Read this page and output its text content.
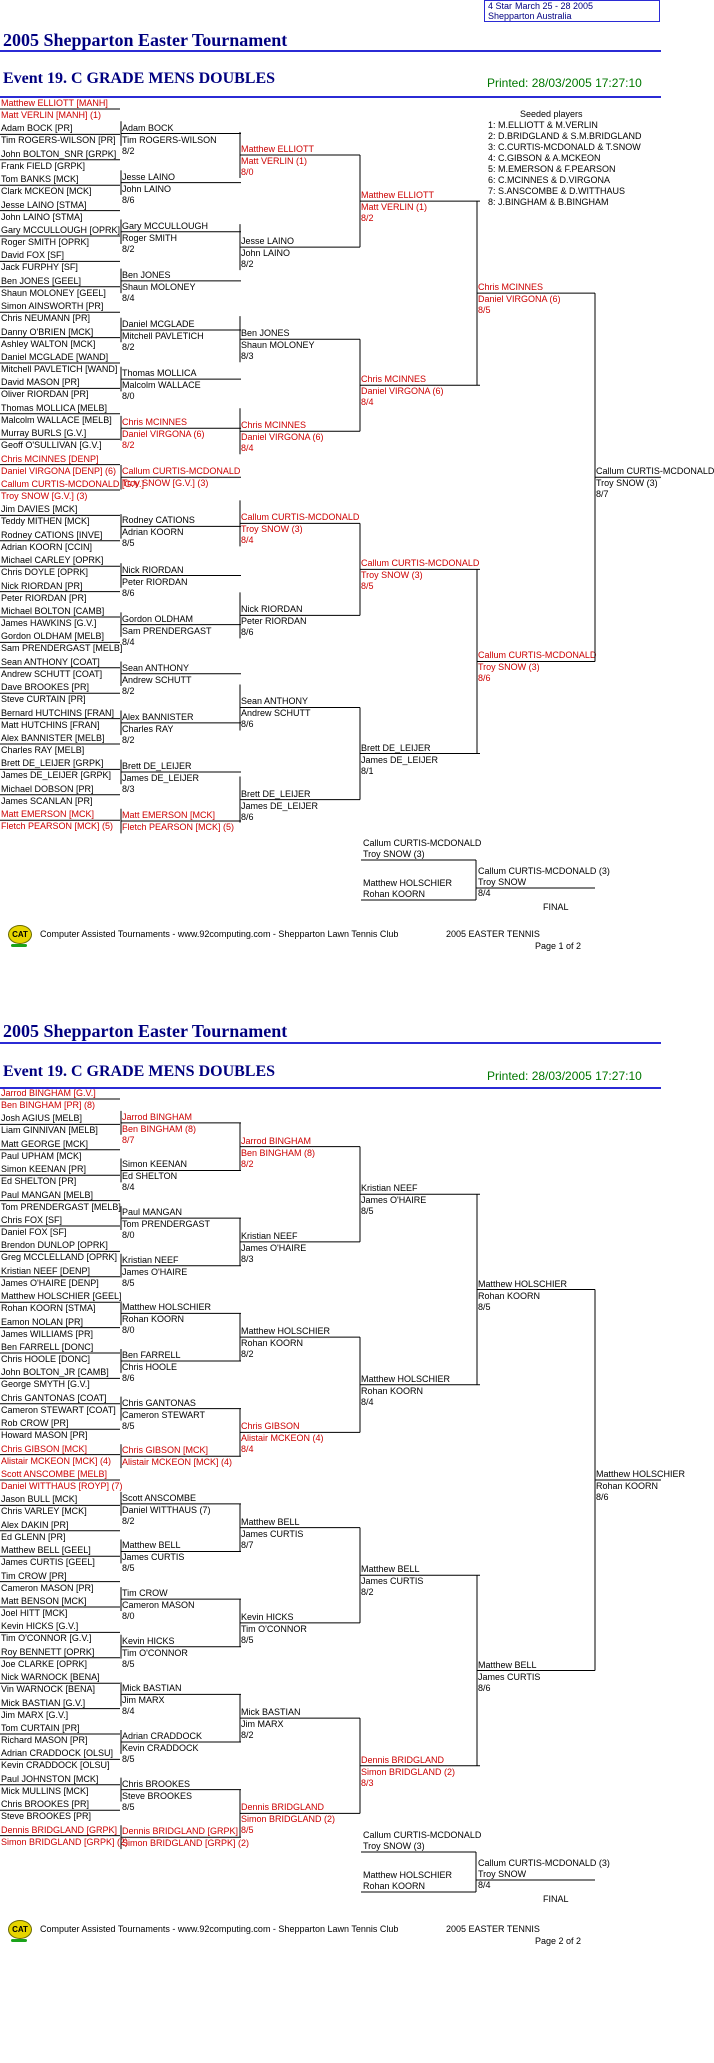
4 Star March 25 - 28 2005
Shepparton Australia
2005 Shepparton Easter Tournament
Event 19. C GRADE MENS DOUBLES	Printed: 28/03/2005 17:27:10
Seeded players
1: M.ELLIOTT & M.VERLIN
2: D.BRIDGLAND & S.M.BRIDGLAND
3: C.CURTIS-MCDONALD & T.SNOW
4: C.GIBSON & A.MCKEON
5: M.EMERSON & F.PEARSON
6: C.MCINNES & D.VIRGONA
7: S.ANSCOMBE & D.WITTHAUS
8: J.BINGHAM & B.BINGHAM
2005 Shepparton Easter Tournament
Event 19. C GRADE MENS DOUBLES	Printed: 28/03/2005 17:27:10
Matthew ELLIOTT [MANH]
Matt VERLIN [MANH] (1)
Adam BOCK [PR]
Tim ROGERS-WILSON [PR]
John BOLTON_SNR [GRPK]
Frank FIELD [GRPK]
Tom BANKS [MCK]
Clark MCKEON [MCK]
Jesse LAINO [STMA]
John LAINO [STMA]
Gary MCCULLOUGH [OPRK]
Roger SMITH [OPRK]
David FOX [SF]
Jack FURPHY [SF]
Ben JONES [GEEL]
Shaun MOLONEY [GEEL]
Simon AINSWORTH [PR]
Chris NEUMANN [PR]
Danny O'BRIEN [MCK]
Ashley WALTON [MCK]
Daniel MCGLADE [WAND]
Mitchell PAVLETICH [WAND]
David MASON [PR]
Oliver RIORDAN [PR]
Thomas MOLLICA [MELB]
Malcolm WALLACE [MELB]
Murray BURLS [G.V.]
Geoff O'SULLIVAN [G.V.]
Chris MCINNES [DENP]
Daniel VIRGONA [DENP] (6)
Callum CURTIS-MCDONALD [G.V.]
Troy SNOW [G.V.] (3)
Jim DAVIES [MCK]
Teddy MITHEN [MCK]
Rodney CATIONS [INVE]
Adrian KOORN [CCIN]
Michael CARLEY [OPRK]
Chris DOYLE [OPRK]
Nick RIORDAN [PR]
Peter RIORDAN [PR]
Michael BOLTON [CAMB]
James HAWKINS [G.V.]
Gordon OLDHAM [MELB]
Sam PRENDERGAST [MELB]
Sean ANTHONY [COAT]
Andrew SCHUTT [COAT]
Dave BROOKES [PR]
Steve CURTAIN [PR]
Bernard HUTCHINS [FRAN]
Matt HUTCHINS [FRAN]
Alex BANNISTER [MELB]
Charles RAY [MELB]
Brett DE_LEIJER [GRPK]
James DE_LEIJER [GRPK]
Michael DOBSON [PR]
James SCANLAN [PR]
Matt EMERSON [MCK]
Fletch PEARSON [MCK] (5)
Adam BOCK
Tim ROGERS-WILSON
8/2
Jesse LAINO
John LAINO
8/6
Gary MCCULLOUGH
Roger SMITH
8/2
Ben JONES
Shaun MOLONEY
8/4
Daniel MCGLADE
Mitchell PAVLETICH
8/2
Thomas MOLLICA
Malcolm WALLACE
8/0
Chris MCINNES
Daniel VIRGONA (6)
8/2
Callum CURTIS-MCDONALD
Troy SNOW [G.V.] (3)
Rodney CATIONS
Adrian KOORN
8/5
Nick RIORDAN
Peter RIORDAN
8/6
Gordon OLDHAM
Sam PRENDERGAST
8/4
Sean ANTHONY
Andrew SCHUTT
8/2
Alex BANNISTER
Charles RAY
8/2
Brett DE_LEIJER
James DE_LEIJER
8/3
Matt EMERSON [MCK]
Fletch PEARSON [MCK] (5)
Matthew ELLIOTT
Matt VERLIN (1)
8/0
Jesse LAINO
John LAINO
8/2
Ben JONES
Shaun MOLONEY
8/3
Chris MCINNES
Daniel VIRGONA (6)
8/4
Callum CURTIS-MCDONALD
Troy SNOW (3)
8/4
Nick RIORDAN
Peter RIORDAN
8/6
Sean ANTHONY
Andrew SCHUTT
8/6
Brett DE_LEIJER
James DE_LEIJER
8/6
Matthew ELLIOTT
Matt VERLIN (1)
8/2
Chris MCINNES
Daniel VIRGONA (6)
8/4
Callum CURTIS-MCDONALD
Troy SNOW (3)
8/5
Brett DE_LEIJER
James DE_LEIJER
8/1
Chris MCINNES
Daniel VIRGONA (6)
8/5
Callum CURTIS-MCDONALD
Troy SNOW (3)
8/6
Callum CURTIS-MCDONALD
Troy SNOW (3)
8/7
Jarrod BINGHAM [G.V.]
Ben BINGHAM [PR] (8)
Josh AGIUS [MELB]
Liam GINNIVAN [MELB]
Matt GEORGE [MCK]
Paul UPHAM [MCK]
Simon KEENAN [PR]
Ed SHELTON [PR]
Paul MANGAN [MELB]
Tom PRENDERGAST [MELB]
Chris FOX [SF]
Daniel FOX [SF]
Brendon DUNLOP [OPRK]
Greg MCCLELLAND [OPRK]
Kristian NEEF [DENP]
James O'HAIRE [DENP]
Matthew HOLSCHIER [GEEL]
Rohan KOORN [STMA]
Eamon NOLAN [PR]
James WILLIAMS [PR]
Ben FARRELL [DONC]
Chris HOOLE [DONC]
John BOLTON_JR [CAMB]
George SMYTH [G.V.]
Chris GANTONAS [COAT]
Cameron STEWART [COAT]
Rob CROW [PR]
Howard MASON [PR]
Chris GIBSON [MCK]
Alistair MCKEON [MCK] (4)
Scott ANSCOMBE [MELB]
Daniel WITTHAUS [ROYP] (7)
Jason BULL [MCK]
Chris VARLEY [MCK]
Alex DAKIN [PR]
Ed GLENN [PR]
Matthew BELL [GEEL]
James CURTIS [GEEL]
Tim CROW [PR]
Cameron MASON [PR]
Matt BENSON [MCK]
Joel HITT [MCK]
Kevin HICKS [G.V.]
Tim O'CONNOR [G.V.]
Roy BENNETT [OPRK]
Joe CLARKE [OPRK]
Nick WARNOCK [BENA]
Vin WARNOCK [BENA]
Mick BASTIAN [G.V.]
Jim MARX [G.V.]
Tom CURTAIN [PR]
Richard MASON [PR]
Adrian CRADDOCK [OLSU]
Kevin CRADDOCK [OLSU]
Paul JOHNSTON [MCK]
Mick MULLINS [MCK]
Chris BROOKES [PR]
Steve BROOKES [PR]
Dennis BRIDGLAND [GRPK]
Simon BRIDGLAND [GRPK] (2)
Jarrod BINGHAM
Ben BINGHAM (8)
8/7
Simon KEENAN
Ed SHELTON
8/4
Paul MANGAN
Tom PRENDERGAST
8/0
Kristian NEEF
James O'HAIRE
8/5
Matthew HOLSCHIER
Rohan KOORN
8/0
Ben FARRELL
Chris HOOLE
8/6
Chris GANTONAS
Cameron STEWART
8/5
Chris GIBSON [MCK]
Alistair MCKEON [MCK] (4)
Scott ANSCOMBE
Daniel WITTHAUS (7)
8/2
Matthew BELL
James CURTIS
8/5
Tim CROW
Cameron MASON
8/0
Kevin HICKS
Tim O'CONNOR
8/5
Mick BASTIAN
Jim MARX
8/4
Adrian CRADDOCK
Kevin CRADDOCK
8/5
Chris BROOKES
Steve BROOKES
8/5
Dennis BRIDGLAND [GRPK]
Simon BRIDGLAND [GRPK] (2)
Jarrod BINGHAM
Ben BINGHAM (8)
8/2
Kristian NEEF
James O'HAIRE
8/3
Matthew HOLSCHIER
Rohan KOORN
8/2
Chris GIBSON
Alistair MCKEON (4)
8/4
Matthew BELL
James CURTIS
8/7
Kevin HICKS
Tim O'CONNOR
8/5
Mick BASTIAN
Jim MARX
8/2
Dennis BRIDGLAND
Simon BRIDGLAND (2)
8/5
Kristian NEEF
James O'HAIRE
8/5
Matthew HOLSCHIER
Rohan KOORN
8/4
Matthew BELL
James CURTIS
8/2
Dennis BRIDGLAND
Simon BRIDGLAND (2)
8/3
Matthew HOLSCHIER
Rohan KOORN
8/5
Matthew BELL
James CURTIS
8/6
Matthew HOLSCHIER
Rohan KOORN
8/6
Callum CURTIS-MCDONALD
Troy SNOW (3)
Matthew HOLSCHIER
Rohan KOORN
Callum CURTIS-MCDONALD (3)
Troy SNOW
8/4
FINAL
Callum CURTIS-MCDONALD
Troy SNOW (3)
Matthew HOLSCHIER
Rohan KOORN
Callum CURTIS-MCDONALD (3)
Troy SNOW
8/4
FINAL
CAT	Computer Assisted Tournaments - www.92computing.com - Shepparton Lawn Tennis Club	2005 EASTER TENNIS
Page 1 of 2
CAT	Computer Assisted Tournaments - www.92computing.com - Shepparton Lawn Tennis Club	2005 EASTER TENNIS
Page 2 of 2
